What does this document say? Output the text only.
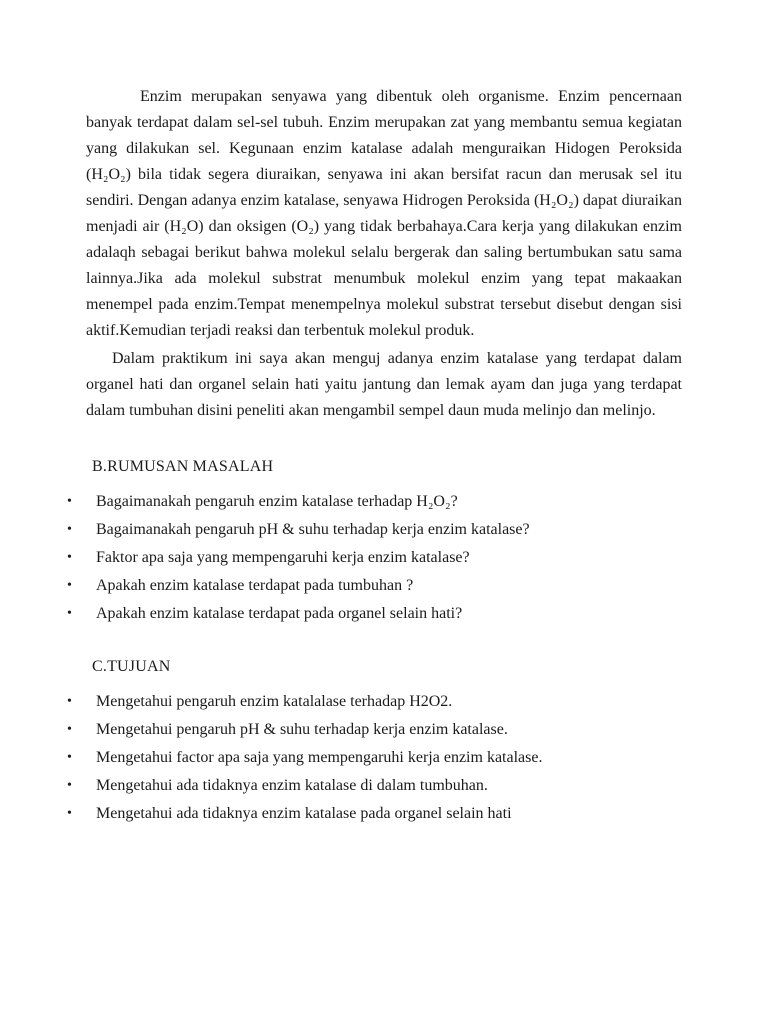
Enzim merupakan senyawa yang dibentuk oleh organisme. Enzim pencernaan banyak terdapat dalam sel-sel tubuh. Enzim merupakan zat yang membantu semua kegiatan yang dilakukan sel. Kegunaan enzim katalase adalah menguraikan Hidogen Peroksida (H₂O₂) bila tidak segera diuraikan, senyawa ini akan bersifat racun dan merusak sel itu sendiri. Dengan adanya enzim katalase, senyawa Hidrogen Peroksida (H₂O₂) dapat diuraikan menjadi air (H₂O) dan oksigen (O₂) yang tidak berbahaya.Cara kerja yang dilakukan enzim adalaqh sebagai berikut bahwa molekul selalu bergerak dan saling bertumbukan satu sama lainnya.Jika ada molekul substrat menumbuk molekul enzim yang tepat makaakan menempel pada enzim.Tempat menempelnya molekul substrat tersebut disebut dengan sisi aktif.Kemudian terjadi reaksi dan terbentuk molekul produk.

Dalam praktikum ini saya akan menguj adanya enzim katalase yang terdapat dalam organel hati dan organel selain hati yaitu jantung dan lemak ayam dan juga yang terdapat dalam tumbuhan disini peneliti akan mengambil sempel daun muda melinjo dan melinjo.

B.RUMUSAN MASALAH
• Bagaimanakah pengaruh enzim katalase terhadap H₂O₂?
• Bagaimanakah pengaruh pH & suhu terhadap kerja enzim katalase?
• Faktor apa saja yang mempengaruhi kerja enzim katalase?
• Apakah enzim katalase terdapat pada tumbuhan ?
• Apakah enzim katalase terdapat pada organel selain hati?
C.TUJUAN
• Mengetahui pengaruh enzim katalalase terhadap H2O2.
• Mengetahui pengaruh pH & suhu terhadap kerja enzim katalase.
• Mengetahui factor apa saja yang mempengaruhi kerja enzim katalase.
• Mengetahui ada tidaknya enzim katalase di dalam tumbuhan.
• Mengetahui ada tidaknya enzim katalase pada organel selain hati
